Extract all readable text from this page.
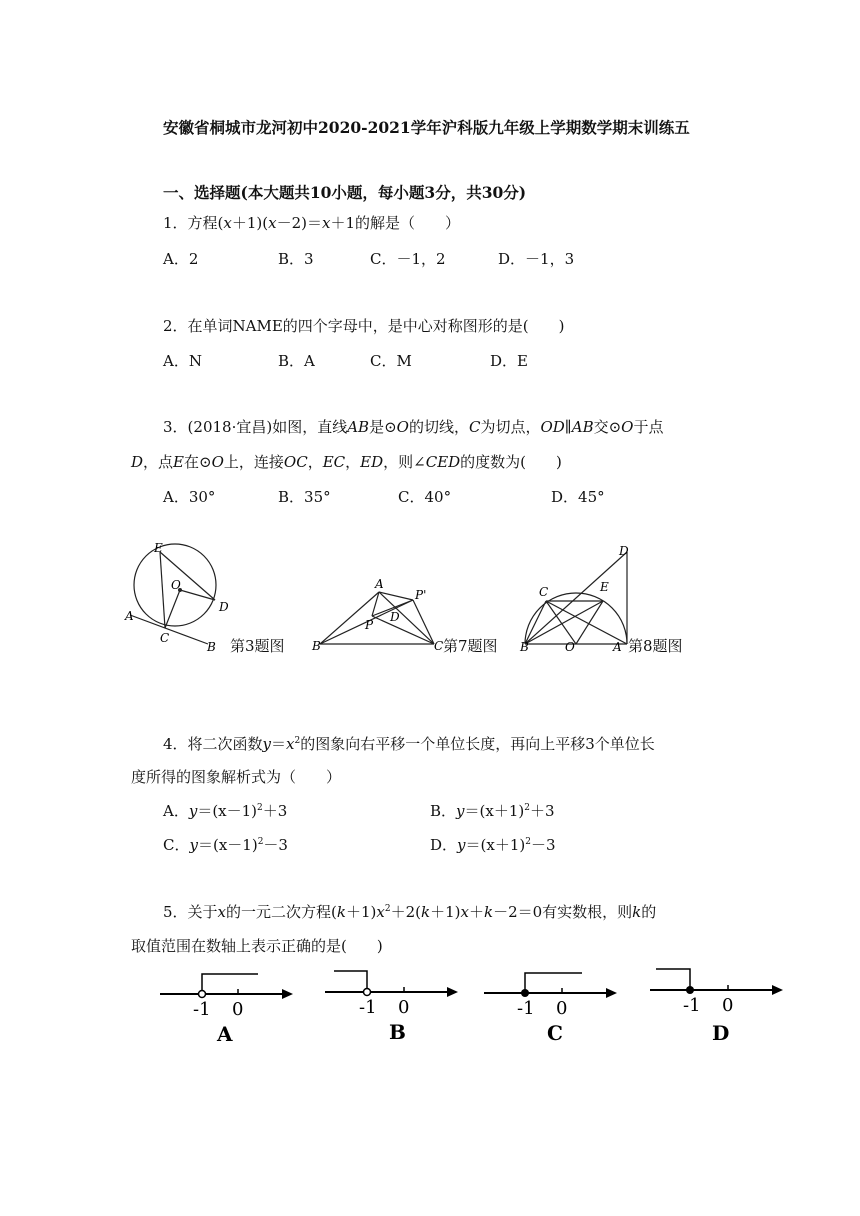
安徽省桐城市龙河初中2020-2021学年沪科版九年级上学期数学期末训练五
一、选择题(本大题共10小题，每小题3分，共30分)
1．方程(x＋1)(x－2)＝x＋1的解是（　　）
A．2	B．3	C．－1，2	D．－1，3
2．在单词NAME的四个字母中，是中心对称图形的是(　　)
A．N	B．A	C．M	D．E
3．(2018·宜昌)如图，直线AB是⊙O的切线，C为切点，OD∥AB交⊙O于点
D，点E在⊙O上，连接OC，EC，ED，则∠CED的度数为(　　)
A．30°	B．35°	C．40°	D．45°
E
O
D
A
C
B 第3题图
A
P'
D
P
B	C 第7题图
D
C	E
B	O	A 第8题图
4．将二次函数$y=x^2$的图象向右平移一个单位长度，再向上平移3个单位长
度所得的图象解析式为（　　）
A．$y=(x-1)^2+3$	B．$y=(x+1)^2+3$
C．$y=(x-1)^2-3$	D．$y=(x+1)^2-3$
5．关于x的一元二次方程$(k+1)x^2+2(k+1)x+k-2=0$有实数根，则k的
取值范围在数轴上表示正确的是(　　)
-1 0
A
-1 0
B
-1 0
C
-1 0
D
